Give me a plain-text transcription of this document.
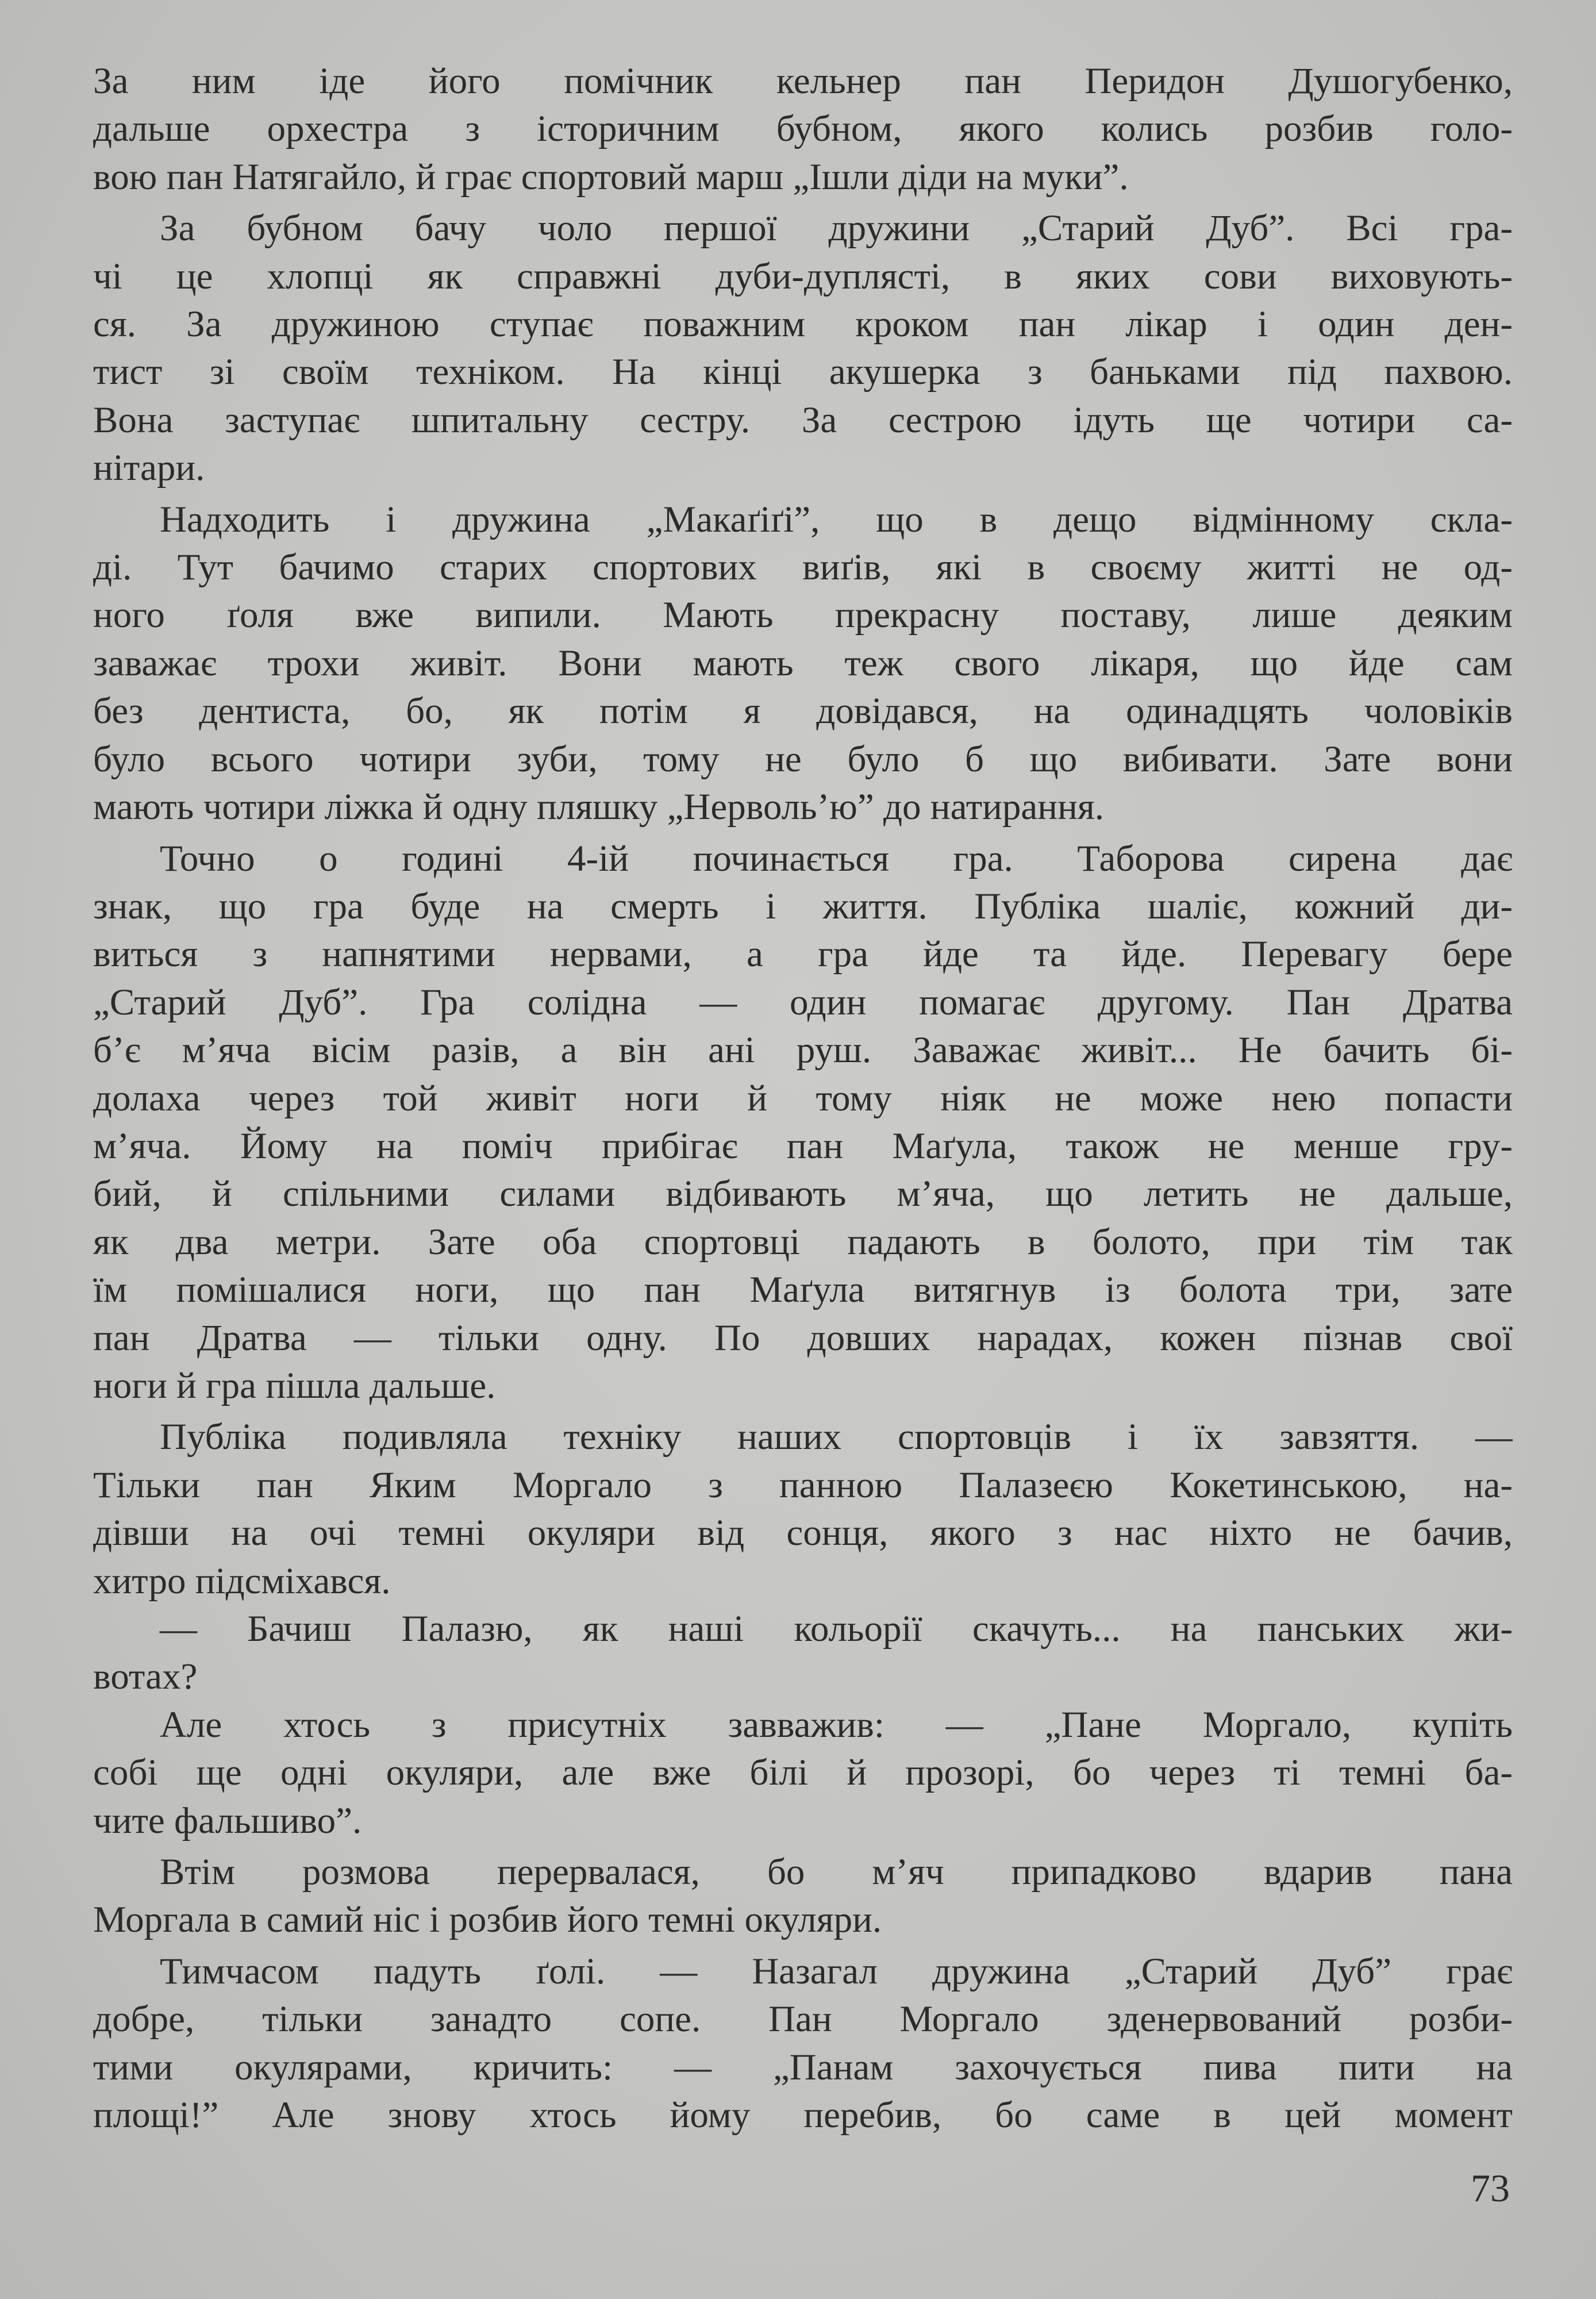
За ним іде його помічник кельнер пан Перидон Душогубенко,
дальше орхестра з історичним бубном, якого колись розбив голо-
вою пан Натягайло, й грає спортовий марш „Ішли діди на муки”.

За бубном бачу чоло першої дружини „Старий Дуб”. Всі гра-
чі це хлопці як справжні дуби-дуплясті, в яких сови виховують-
ся. За дружиною ступає поважним кроком пан лікар і один ден-
тист зі своїм техніком. На кінці акушерка з баньками під пахвою.
Вона заступає шпитальну сестру. За сестрою ідуть ще чотири са-
нітари.

Надходить і дружина „Макаґіґі”, що в дещо відмінному скла-
ді. Тут бачимо старих спортових виґів, які в своєму житті не од-
ного ґоля вже випили. Мають прекрасну поставу, лише деяким
заважає трохи живіт. Вони мають теж свого лікаря, що йде сам
без дентиста, бо, як потім я довідався, на одинадцять чоловіків
було всього чотири зуби, тому не було б що вибивати. Зате вони
мають чотири ліжка й одну пляшку „Нерволь’ю” до натирання.

Точно о годині 4-ій починається гра. Таборова сирена дає
знак, що гра буде на смерть і життя. Публіка шаліє, кожний ди-
виться з напнятими нервами, а гра йде та йде. Перевагу бере
„Старий Дуб”. Гра солідна — один помагає другому. Пан Дратва
б’є м’яча вісім разів, а він ані руш. Заважає живіт... Не бачить бі-
долаха через той живіт ноги й тому ніяк не може нею попасти
м’яча. Йому на поміч прибігає пан Маґула, також не менше гру-
бий, й спільними силами відбивають м’яча, що летить не дальше,
як два метри. Зате оба спортовці падають в болото, при тім так
їм помішалися ноги, що пан Маґула витягнув із болота три, зате
пан Дратва — тільки одну. По довших нарадах, кожен пізнав свої
ноги й гра пішла дальше.

Публіка подивляла техніку наших спортовців і їх завзяття. —
Тільки пан Яким Моргало з панною Палазеєю Кокетинською, на-
дівши на очі темні окуляри від сонця, якого з нас ніхто не бачив,
хитро підсміхався.

— Бачиш Палазю, як наші кольорії скачуть... на панських жи-
вотах?

Але хтось з присутніх завважив: — „Пане Моргало, купіть
собі ще одні окуляри, але вже білі й прозорі, бо через ті темні ба-
чите фальшиво”.

Втім розмова перервалася, бо м’яч припадково вдарив пана
Моргала в самий ніс і розбив його темні окуляри.

Тимчасом падуть ґолі. — Назагал дружина „Старий Дуб” грає
добре, тільки занадто сопе. Пан Моргало зденервований розби-
тими окулярами, кричить: — „Панам захочується пива пити на
площі!” Але знову хтось йому перебив, бо саме в цей момент

73
